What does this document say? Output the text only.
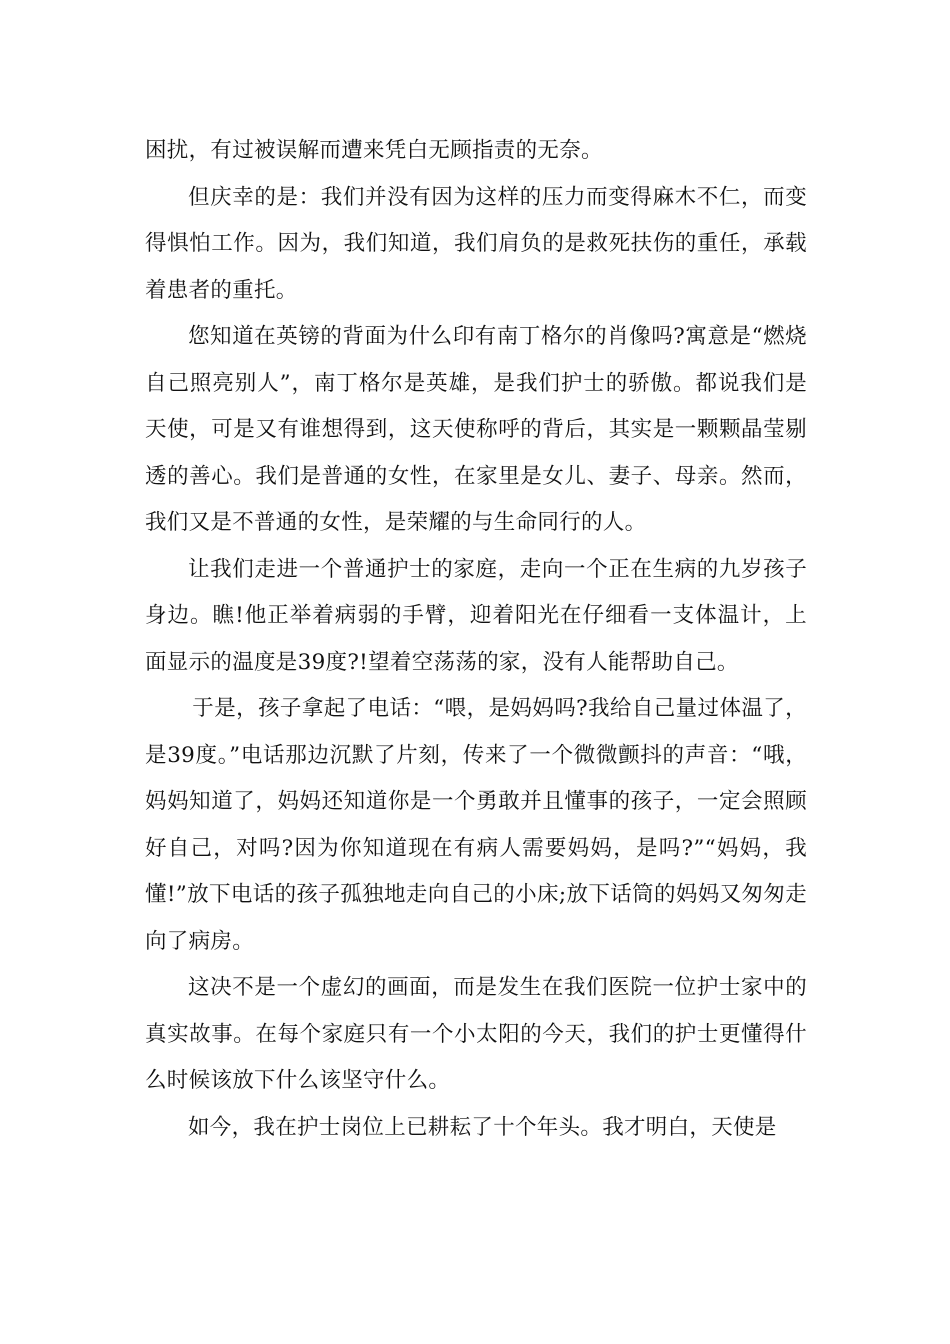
困扰，有过被误解而遭来凭白无顾指责的无奈。

但庆幸的是：我们并没有因为这样的压力而变得麻木不仁，而变得惧怕工作。因为，我们知道，我们肩负的是救死扶伤的重任，承载着患者的重托。

您知道在英镑的背面为什么印有南丁格尔的肖像吗?寓意是“燃烧自己照亮别人”，南丁格尔是英雄，是我们护士的骄傲。都说我们是天使，可是又有谁想得到，这天使称呼的背后，其实是一颗颗晶莹剔透的善心。我们是普通的女性，在家里是女儿、妻子、母亲。然而，我们又是不普通的女性，是荣耀的与生命同行的人。

让我们走进一个普通护士的家庭，走向一个正在生病的九岁孩子身边。瞧!他正举着病弱的手臂，迎着阳光在仔细看一支体温计，上面显示的温度是39度?!望着空荡荡的家，没有人能帮助自己。

于是，孩子拿起了电话：“喂，是妈妈吗?我给自己量过体温了，是39度。”电话那边沉默了片刻，传来了一个微微颤抖的声音：“哦，妈妈知道了，妈妈还知道你是一个勇敢并且懂事的孩子，一定会照顾好自己，对吗?因为你知道现在有病人需要妈妈，是吗?”“妈妈，我懂!”放下电话的孩子孤独地走向自己的小床;放下话筒的妈妈又匆匆走向了病房。

这决不是一个虚幻的画面，而是发生在我们医院一位护士家中的真实故事。在每个家庭只有一个小太阳的今天，我们的护士更懂得什么时候该放下什么该坚守什么。

如今，我在护士岗位上已耕耘了十个年头。我才明白，天使是
